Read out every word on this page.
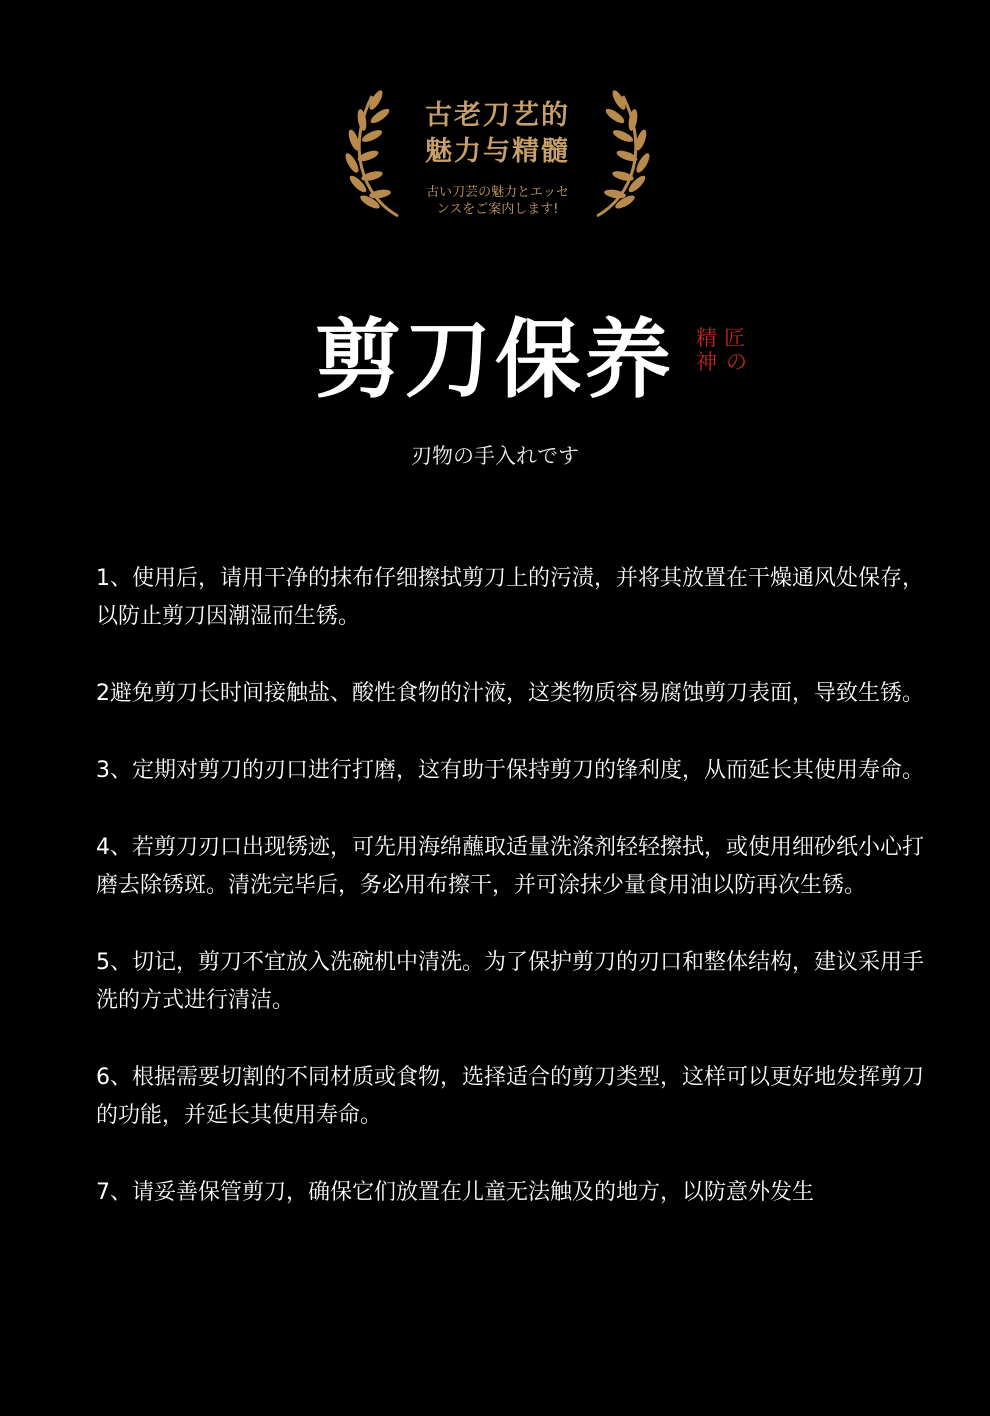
古老刀艺的
魅力与精髓
古い刀芸の魅力とエッセ
ンスをご案内します!
剪刀保养	精 匠
神 の
刃物の手入れです

1、使用后，请用干净的抹布仔细擦拭剪刀上的污渍，并将其放置在干燥通风处保存，以防止剪刀因潮湿而生锈。

2避免剪刀长时间接触盐、酸性食物的汁液，这类物质容易腐蚀剪刀表面，导致生锈。

3、定期对剪刀的刃口进行打磨，这有助于保持剪刀的锋利度，从而延长其使用寿命。

4、若剪刀刃口出现锈迹，可先用海绵蘸取适量洗涤剂轻轻擦拭，或使用细砂纸小心打磨去除锈斑。清洗完毕后，务必用布擦干，并可涂抹少量食用油以防再次生锈。

5、切记，剪刀不宜放入洗碗机中清洗。为了保护剪刀的刃口和整体结构，建议采用手洗的方式进行清洁。

6、根据需要切割的不同材质或食物，选择适合的剪刀类型，这样可以更好地发挥剪刀的功能，并延长其使用寿命。

7、请妥善保管剪刀，确保它们放置在儿童无法触及的地方，以防意外发生
